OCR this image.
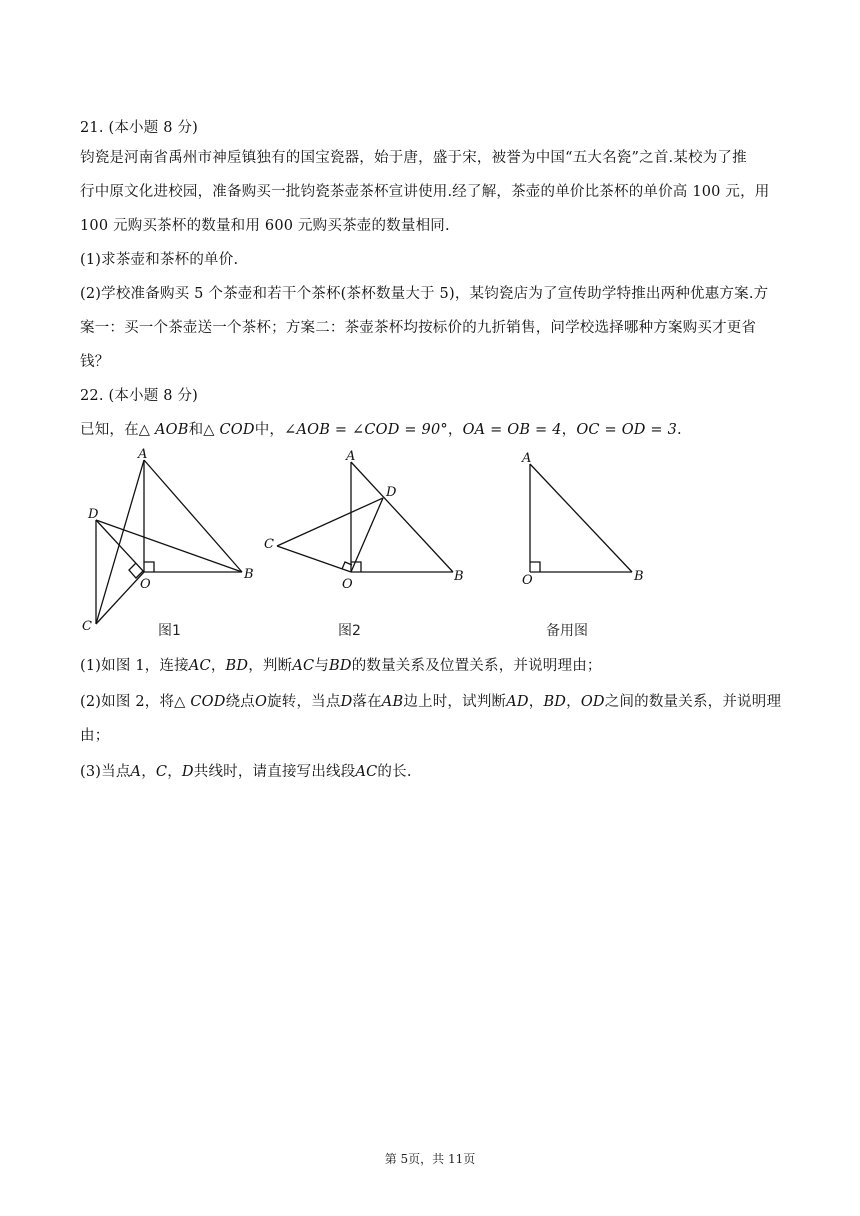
21. (本小题 8 分)
钧瓷是河南省禹州市神垕镇独有的国宝瓷器，始于唐，盛于宋，被誉为中国“五大名瓷”之首.某校为了推
行中原文化进校园，准备购买一批钧瓷茶壶茶杯宣讲使用.经了解，茶壶的单价比茶杯的单价高 100 元，用
100 元购买茶杯的数量和用 600 元购买茶壶的数量相同.
(1)求茶壶和茶杯的单价.
(2)学校准备购买 5 个茶壶和若干个茶杯(茶杯数量大于 5)，某钧瓷店为了宣传助学特推出两种优惠方案.方
案一：买一个茶壶送一个茶杯；方案二：茶壶茶杯均按标价的九折销售，问学校选择哪种方案购买才更省
钱？
22. (本小题 8 分)
已知，在△ AOB和△ COD中，∠AOB = ∠COD = 90°，OA = OB = 4，OC = OD = 3.
A
D
O
B
C
A
D
C
O
B
A
O	B
图1	图2	备用图
(1)如图 1，连接AC，BD，判断AC与BD的数量关系及位置关系，并说明理由；
(2)如图 2，将△ COD绕点O旋转，当点D落在AB边上时，试判断AD，BD，OD之间的数量关系，并说明理
由；
(3)当点A，C，D共线时，请直接写出线段AC的长.
第 5页，共 11页
